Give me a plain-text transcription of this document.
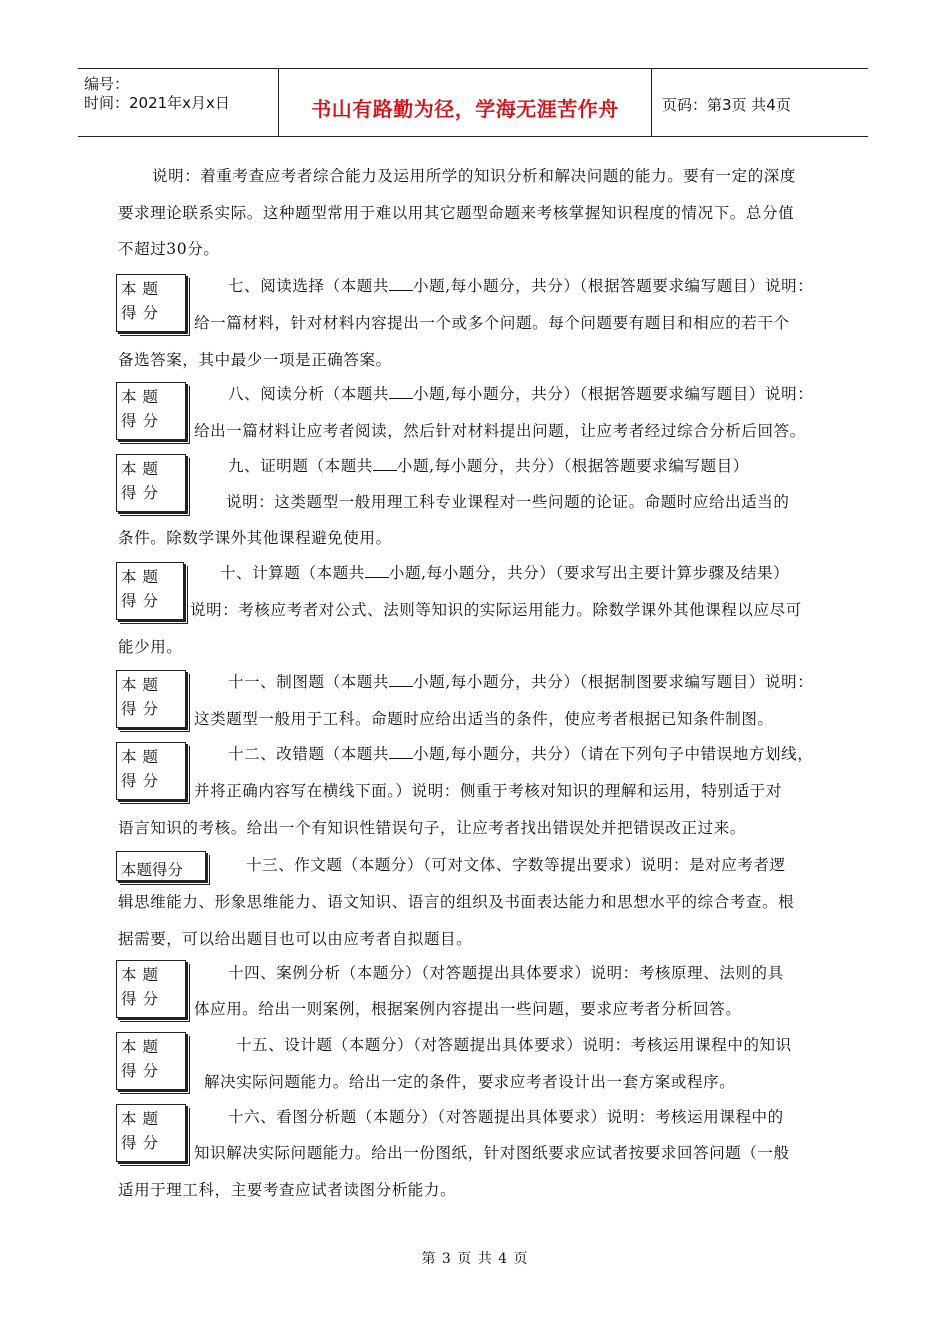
编号：
时间：2021年x月x日	书山有路勤为径，学海无涯苦作舟	页码：第3页 共4页
说明：着重考查应考者综合能力及运用所学的知识分析和解决问题的能力。要有一定的深度
要求理论联系实际。这种题型常用于难以用其它题型命题来考核掌握知识程度的情况下。总分值
不超过30分。
本题得分
七、阅读选择（本题共 小题,每小题分，共分）（根据答题要求编写题目）说明：
给一篇材料，针对材料内容提出一个或多个问题。每个问题要有题目和相应的若干个
备选答案，其中最少一项是正确答案。
本题得分
八、阅读分析（本题共 小题,每小题分，共分）（根据答题要求编写题目）说明：
给出一篇材料让应考者阅读，然后针对材料提出问题，让应考者经过综合分析后回答。
本题得分
九、证明题（本题共 小题,每小题分，共分）（根据答题要求编写题目）
说明：这类题型一般用理工科专业课程对一些问题的论证。命题时应给出适当的
条件。除数学课外其他课程避免使用。
本题得分
十、计算题（本题共 小题,每小题分，共分）（要求写出主要计算步骤及结果）
说明：考核应考者对公式、法则等知识的实际运用能力。除数学课外其他课程以应尽可
能少用。
本题得分
十一、制图题（本题共 小题,每小题分，共分）（根据制图要求编写题目）说明：
这类题型一般用于工科。命题时应给出适当的条件，使应考者根据已知条件制图。
本题得分
十二、改错题（本题共 小题,每小题分，共分）（请在下列句子中错误地方划线，
并将正确内容写在横线下面。）说明：侧重于考核对知识的理解和运用，特别适于对
语言知识的考核。给出一个有知识性错误句子，让应考者找出错误处并把错误改正过来。
本题得分	十三、作文题（本题分）（可对文体、字数等提出要求）说明：是对应考者逻
辑思维能力、形象思维能力、语文知识、语言的组织及书面表达能力和思想水平的综合考查。根
据需要，可以给出题目也可以由应考者自拟题目。
本题得分
十四、案例分析（本题分）（对答题提出具体要求）说明：考核原理、法则的具
体应用。给出一则案例，根据案例内容提出一些问题，要求应考者分析回答。
本题得分
十五、设计题（本题分）（对答题提出具体要求）说明：考核运用课程中的知识
解决实际问题能力。给出一定的条件，要求应考者设计出一套方案或程序。
本题得分
十六、看图分析题（本题分）（对答题提出具体要求）说明：考核运用课程中的
知识解决实际问题能力。给出一份图纸，针对图纸要求应试者按要求回答问题（一般
适用于理工科，主要考查应试者读图分析能力。
第 3 页 共 4 页
